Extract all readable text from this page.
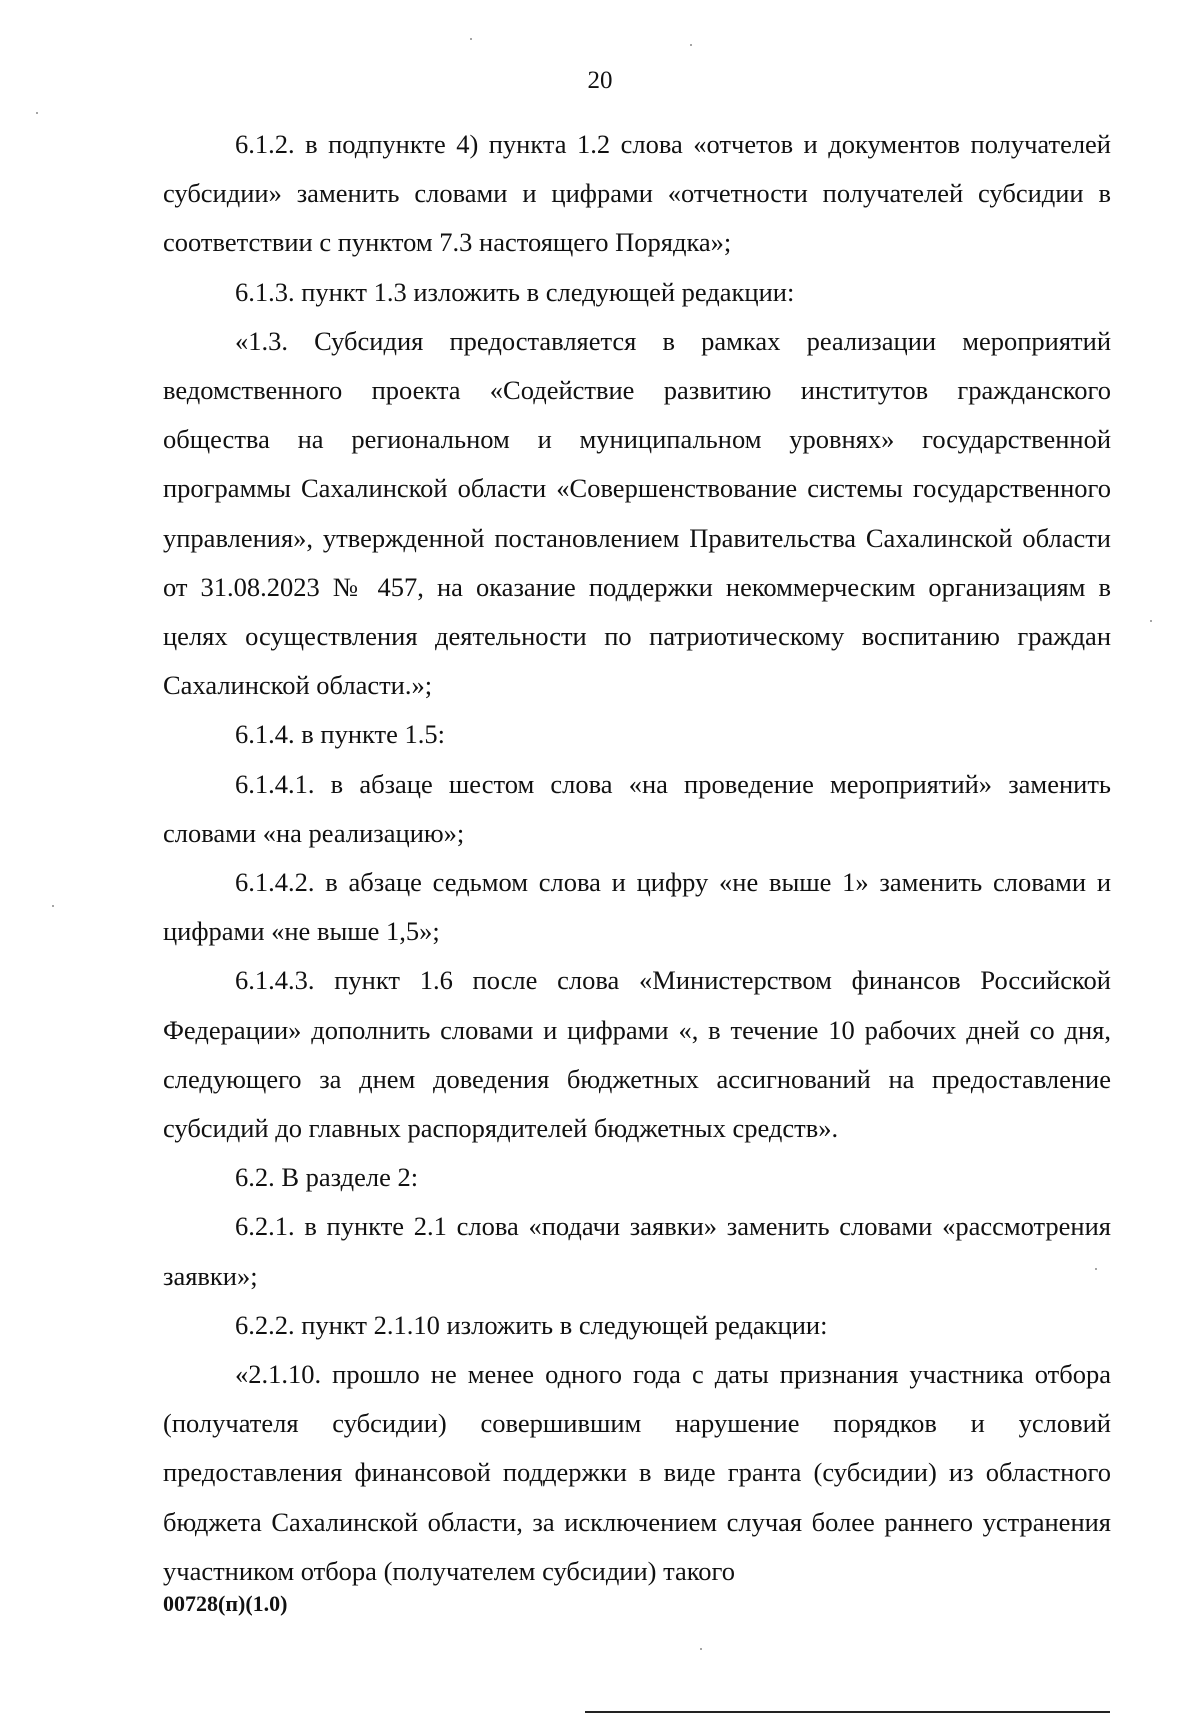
20

6.1.2. в подпункте 4) пункта 1.2 слова «отчетов и документов получателей субсидии» заменить словами и цифрами «отчетности получателей субсидии в соответствии с пунктом 7.3 настоящего Порядка»;

6.1.3. пункт 1.3 изложить в следующей редакции:

«1.3. Субсидия предоставляется в рамках реализации мероприятий ведомственного проекта «Содействие развитию институтов гражданского общества на региональном и муниципальном уровнях» государственной программы Сахалинской области «Совершенствование системы государственного управления», утвержденной постановлением Правительства Сахалинской области от 31.08.2023 № 457, на оказание поддержки некоммерческим организациям в целях осуществления деятельности по патриотическому воспитанию граждан Сахалинской области.»;

6.1.4. в пункте 1.5:

6.1.4.1. в абзаце шестом слова «на проведение мероприятий» заменить словами «на реализацию»;

6.1.4.2. в абзаце седьмом слова и цифру «не выше 1» заменить словами и цифрами «не выше 1,5»;

6.1.4.3. пункт 1.6 после слова «Министерством финансов Российской Федерации» дополнить словами и цифрами «, в течение 10 рабочих дней со дня, следующего за днем доведения бюджетных ассигнований на предоставление субсидий до главных распорядителей бюджетных средств».

6.2. В разделе 2:

6.2.1. в пункте 2.1 слова «подачи заявки» заменить словами «рассмотрения заявки»;

6.2.2. пункт 2.1.10 изложить в следующей редакции:

«2.1.10. прошло не менее одного года с даты признания участника отбора (получателя субсидии) совершившим нарушение порядков и условий предоставления финансовой поддержки в виде гранта (субсидии) из областного бюджета Сахалинской области, за исключением случая более раннего устранения участником отбора (получателем субсидии) такого

00728(п)(1.0)
